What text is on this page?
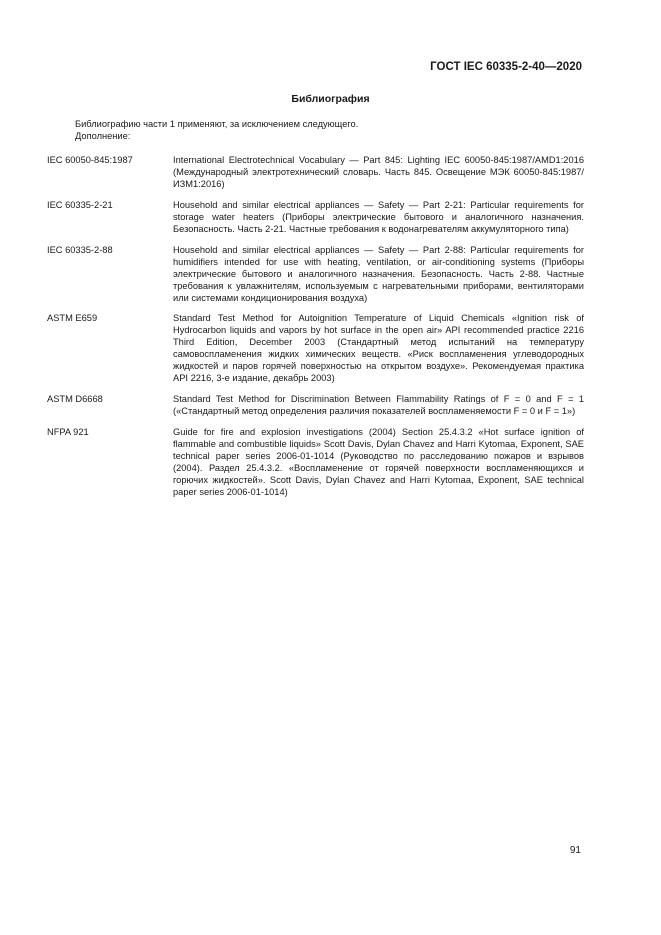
ГОСТ IEC 60335-2-40—2020
Библиография
Библиографию части 1 применяют, за исключением следующего.
Дополнение:
IEC 60050-845:1987	International Electrotechnical Vocabulary — Part 845: Lighting IEC 60050-845:1987/AMD1:2016 (Международный электротехнический словарь. Часть 845. Освещение МЭК 60050-845:1987/ИЗМ1:2016)
IEC 60335-2-21	Household and similar electrical appliances — Safety — Part 2-21: Particular requirements for storage water heaters (Приборы электрические бытового и аналогичного назначения. Безопасность. Часть 2-21. Частные требования к водонагревателям аккумуляторного типа)
IEC 60335-2-88	Household and similar electrical appliances — Safety — Part 2-88: Particular requirements for humidifiers intended for use with heating, ventilation, or air-conditioning systems (Приборы электрические бытового и аналогичного назначения. Безопасность. Часть 2-88. Частные требования к увлажнителям, используемым с нагревательными приборами, вентиляторами или системами кондиционирования воздуха)
ASTM E659	Standard Test Method for Autoignition Temperature of Liquid Chemicals «Ignition risk of Hydrocarbon liquids and vapors by hot surface in the open air» API recommended practice 2216 Third Edition, December 2003 (Стандартный метод испытаний на температуру самовоспламенения жидких химических веществ. «Риск воспламенения углеводородных жидкостей и паров горячей поверхностью на открытом воздухе». Рекомендуемая практика API 2216, 3-е издание, декабрь 2003)
ASTM D6668	Standard Test Method for Discrimination Between Flammability Ratings of F = 0 and F = 1 («Стандартный метод определения различия показателей воспламеняемости F = 0 и F = 1»)
NFPA 921	Guide for fire and explosion investigations (2004) Section 25.4.3.2 «Hot surface ignition of flammable and combustible liquids» Scott Davis, Dylan Chavez and Harri Kytomaa, Exponent, SAE technical paper series 2006-01-1014 (Руководство по расследованию пожаров и взрывов (2004). Раздел 25.4.3.2. «Воспламенение от горячей поверхности воспламеняющихся и горючих жидкостей». Scott Davis, Dylan Chavez and Harri Kytomaa, Exponent, SAE technical paper series 2006-01-1014)
91
